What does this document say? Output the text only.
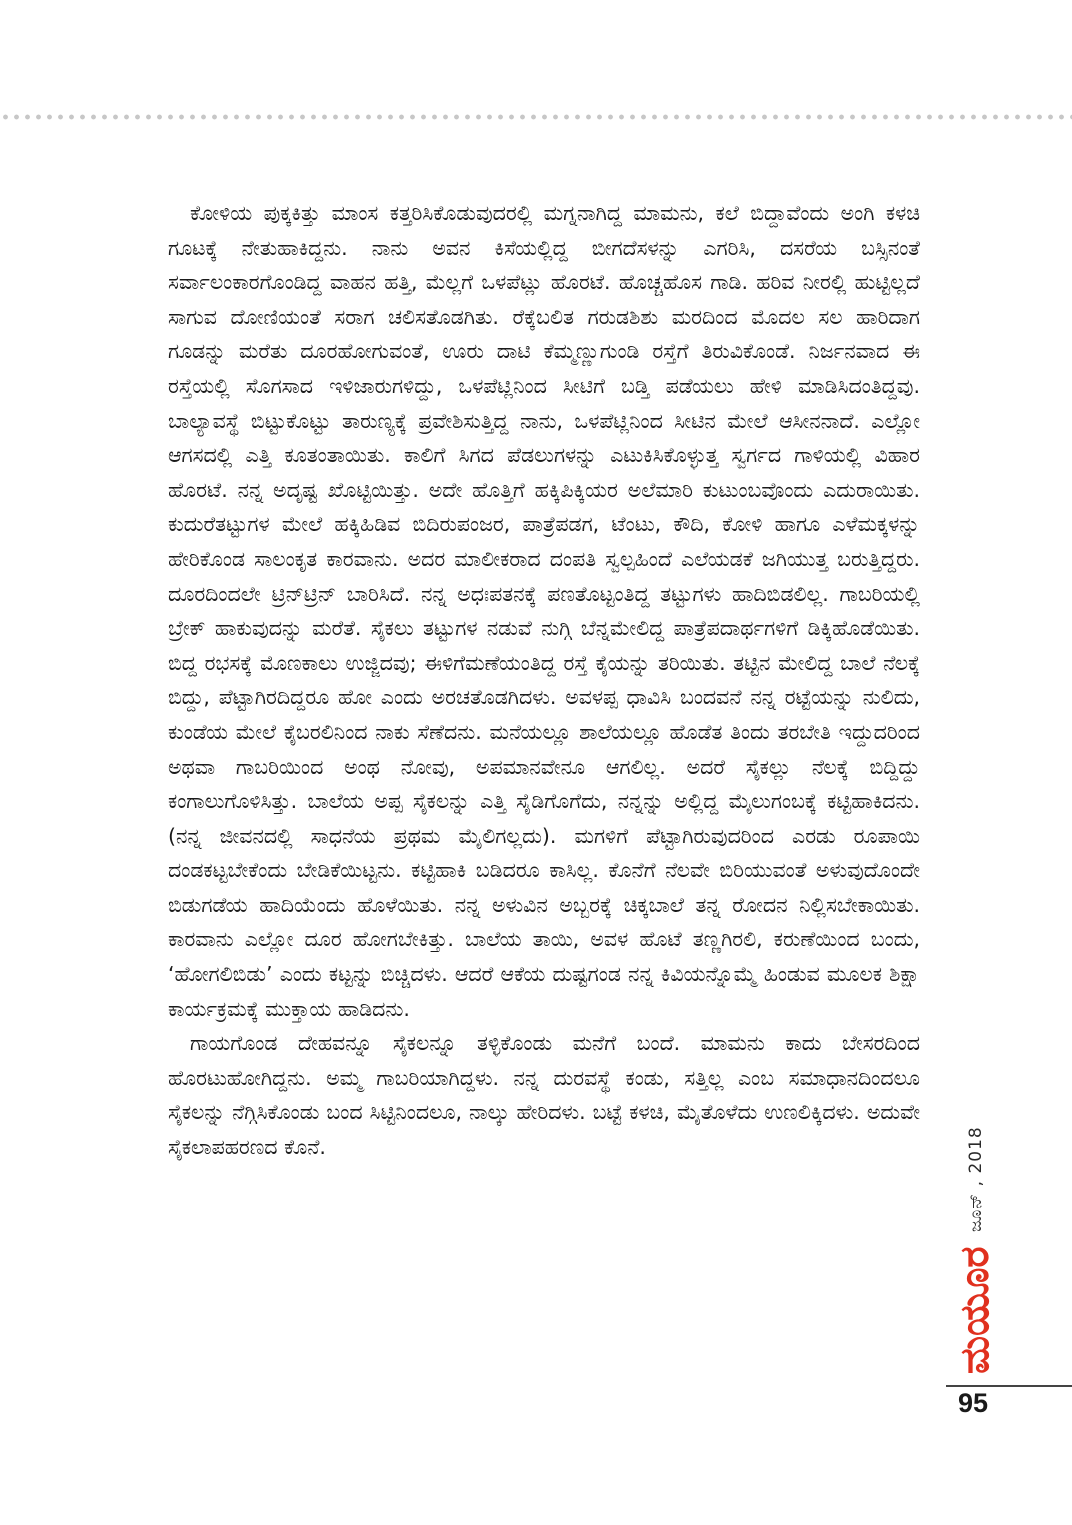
ಕೋಳಿಯ ಪುಕ್ಕಕಿತ್ತು ಮಾಂಸ ಕತ್ತರಿಸಿಕೊಡುವುದರಲ್ಲಿ ಮಗ್ನನಾಗಿದ್ದ ಮಾಮನು, ಕಲೆ ಬಿದ್ದಾವೆಂದು ಅಂಗಿ ಕಳಚಿ ಗೂಟಕ್ಕೆ ನೇತುಹಾಕಿದ್ದನು. ನಾನು ಅವನ ಕಿಸೆಯಲ್ಲಿದ್ದ ಬೀಗದೆಸಳನ್ನು ಎಗರಿಸಿ, ದಸರೆಯ ಬಸ್ಸಿನಂತೆ ಸರ್ವಾಲಂಕಾರಗೊಂಡಿದ್ದ ವಾಹನ ಹತ್ತಿ, ಮೆಲ್ಲಗೆ ಒಳಪೆಟ್ಲು ಹೊರಟೆ. ಹೊಚ್ಚಹೊಸ ಗಾಡಿ. ಹರಿವ ನೀರಲ್ಲಿ ಹುಟ್ಟಿಲ್ಲದೆ ಸಾಗುವ ದೋಣಿಯಂತೆ ಸರಾಗ ಚಲಿಸತೊಡಗಿತು. ರೆಕ್ಕೆಬಲಿತ ಗರುಡಶಿಶು ಮರದಿಂದ ಮೊದಲ ಸಲ ಹಾರಿದಾಗ ಗೂಡನ್ನು ಮರೆತು ದೂರಹೋಗುವಂತೆ, ಊರು ದಾಟಿ ಕೆಮ್ಮಣ್ಣುಗುಂಡಿ ರಸ್ತೆಗೆ ತಿರುವಿಕೊಂಡೆ. ನಿರ್ಜನವಾದ ಈ ರಸ್ತೆಯಲ್ಲಿ ಸೊಗಸಾದ ಇಳಿಜಾರುಗಳಿದ್ದು, ಒಳಪೆಟ್ಲಿನಿಂದ ಸೀಟಿಗೆ ಬಡ್ತಿ ಪಡೆಯಲು ಹೇಳಿ ಮಾಡಿಸಿದಂತಿದ್ದವು. ಬಾಲ್ಯಾವಸ್ಥೆ ಬಿಟ್ಟುಕೊಟ್ಟು ತಾರುಣ್ಯಕ್ಕೆ ಪ್ರವೇಶಿಸುತ್ತಿದ್ದ ನಾನು, ಒಳಪೆಟ್ಲಿನಿಂದ ಸೀಟಿನ ಮೇಲೆ ಆಸೀನನಾದೆ. ಎಲ್ಲೋ ಆಗಸದಲ್ಲಿ ಎತ್ತಿ ಕೂತಂತಾಯಿತು. ಕಾಲಿಗೆ ಸಿಗದ ಪೆಡಲುಗಳನ್ನು ಎಟುಕಿಸಿಕೊಳ್ಳುತ್ತ ಸ್ವರ್ಗದ ಗಾಳಿಯಲ್ಲಿ ವಿಹಾರ ಹೊರಟೆ. ನನ್ನ ಅದೃಷ್ಟ ಖೊಟ್ಟಿಯಿತ್ತು. ಅದೇ ಹೊತ್ತಿಗೆ ಹಕ್ಕಿಪಿಕ್ಕಿಯರ ಅಲೆಮಾರಿ ಕುಟುಂಬವೊಂದು ಎದುರಾಯಿತು. ಕುದುರೆತಟ್ಟುಗಳ ಮೇಲೆ ಹಕ್ಕಿಹಿಡಿವ ಬಿದಿರುಪಂಜರ, ಪಾತ್ರೆಪಡಗ, ಟೆಂಟು, ಕೌದಿ, ಕೋಳಿ ಹಾಗೂ ಎಳೆಮಕ್ಕಳನ್ನು ಹೇರಿಕೊಂಡ ಸಾಲಂಕೃತ ಕಾರವಾನು. ಅದರ ಮಾಲೀಕರಾದ ದಂಪತಿ ಸ್ವಲ್ಪಹಿಂದೆ ಎಲೆಯಡಕೆ ಜಗಿಯುತ್ತ ಬರುತ್ತಿದ್ದರು. ದೂರದಿಂದಲೇ ಟ್ರಿನ್‌ಟ್ರಿನ್ ಬಾರಿಸಿದೆ. ನನ್ನ ಅಧಃಪತನಕ್ಕೆ ಪಣತೊಟ್ಟಂತಿದ್ದ ತಟ್ಟುಗಳು ಹಾದಿಬಿಡಲಿಲ್ಲ. ಗಾಬರಿಯಲ್ಲಿ ಬ್ರೇಕ್ ಹಾಕುವುದನ್ನು ಮರೆತೆ. ಸೈಕಲು ತಟ್ಟುಗಳ ನಡುವೆ ನುಗ್ಗಿ ಬೆನ್ನಮೇಲಿದ್ದ ಪಾತ್ರೆಪದಾರ್ಥಗಳಿಗೆ ಡಿಕ್ಕಿಹೊಡೆಯಿತು. ಬಿದ್ದ ರಭಸಕ್ಕೆ ಮೊಣಕಾಲು ಉಜ್ಜಿದವು; ಈಳಿಗೆಮಣೆಯಂತಿದ್ದ ರಸ್ತೆ ಕೈಯನ್ನು ತರಿಯಿತು. ತಟ್ಟಿನ ಮೇಲಿದ್ದ ಬಾಲೆ ನೆಲಕ್ಕೆ ಬಿದ್ದು, ಪೆಟ್ಟಾಗಿರದಿದ್ದರೂ ಹೋ ಎಂದು ಅರಚತೊಡಗಿದಳು. ಅವಳಪ್ಪ ಧಾವಿಸಿ ಬಂದವನೆ ನನ್ನ ರಟ್ಟೆಯನ್ನು ನುಲಿದು, ಕುಂಡೆಯ ಮೇಲೆ ಕೈಬರಲಿನಿಂದ ನಾಕು ಸೆಣೆದನು. ಮನೆಯಲ್ಲೂ ಶಾಲೆಯಲ್ಲೂ ಹೊಡೆತ ತಿಂದು ತರಬೇತಿ ಇದ್ದುದರಿಂದ ಅಥವಾ ಗಾಬರಿಯಿಂದ ಅಂಥ ನೋವು, ಅಪಮಾನವೇನೂ ಆಗಲಿಲ್ಲ. ಅದರೆ ಸೈಕಲ್ಲು ನೆಲಕ್ಕೆ ಬಿದ್ದಿದ್ದು ಕಂಗಾಲುಗೊಳಿಸಿತ್ತು. ಬಾಲೆಯ ಅಪ್ಪ ಸೈಕಲನ್ನು ಎತ್ತಿ ಸೈಡಿಗೊಗೆದು, ನನ್ನನ್ನು ಅಲ್ಲಿದ್ದ ಮೈಲುಗಂಬಕ್ಕೆ ಕಟ್ಟಿಹಾಕಿದನು. (ನನ್ನ ಜೀವನದಲ್ಲಿ ಸಾಧನೆಯ ಪ್ರಥಮ ಮೈಲಿಗಲ್ಲದು). ಮಗಳಿಗೆ ಪೆಟ್ಟಾಗಿರುವುದರಿಂದ ಎರಡು ರೂಪಾಯಿ ದಂಡಕಟ್ಟಬೇಕೆಂದು ಬೇಡಿಕೆಯಿಟ್ಟನು. ಕಟ್ಟಿಹಾಕಿ ಬಡಿದರೂ ಕಾಸಿಲ್ಲ. ಕೊನೆಗೆ ನೆಲವೇ ಬಿರಿಯುವಂತೆ ಅಳುವುದೊಂದೇ ಬಿಡುಗಡೆಯ ಹಾದಿಯೆಂದು ಹೊಳೆಯಿತು. ನನ್ನ ಅಳುವಿನ ಅಬ್ಬರಕ್ಕೆ ಚಿಕ್ಕಬಾಲೆ ತನ್ನ ರೋದನ ನಿಲ್ಲಿಸಬೇಕಾಯಿತು. ಕಾರವಾನು ಎಲ್ಲೋ ದೂರ ಹೋಗಬೇಕಿತ್ತು. ಬಾಲೆಯ ತಾಯಿ, ಅವಳ ಹೊಟೆ ತಣ್ಣಗಿರಲಿ, ಕರುಣೆಯಿಂದ ಬಂದು, ‘ಹೋಗಲಿಬಿಡು’ ಎಂದು ಕಟ್ಟನ್ನು ಬಿಚ್ಚಿದಳು. ಆದರೆ ಆಕೆಯ ದುಷ್ಟಗಂಡ ನನ್ನ ಕಿವಿಯನ್ನೊಮ್ಮೆ ಹಿಂಡುವ ಮೂಲಕ ಶಿಕ್ಷಾ ಕಾರ್ಯಕ್ರಮಕ್ಕೆ ಮುಕ್ತಾಯ ಹಾಡಿದನು.

ಗಾಯಗೊಂಡ ದೇಹವನ್ನೂ ಸೈಕಲನ್ನೂ ತಳ್ಳಿಕೊಂಡು ಮನೆಗೆ ಬಂದೆ. ಮಾಮನು ಕಾದು ಬೇಸರದಿಂದ ಹೊರಟುಹೋಗಿದ್ದನು. ಅಮ್ಮ ಗಾಬರಿಯಾಗಿದ್ದಳು. ನನ್ನ ದುರವಸ್ಥೆ ಕಂಡು, ಸತ್ತಿಲ್ಲ ಎಂಬ ಸಮಾಧಾನದಿಂದಲೂ ಸೈಕಲನ್ನು ನೆಗ್ಗಿಸಿಕೊಂಡು ಬಂದ ಸಿಟ್ಟಿನಿಂದಲೂ, ನಾಲ್ಕು ಹೇರಿದಳು. ಬಟ್ಟೆ ಕಳಚಿ, ಮೈತೊಳೆದು ಉಣಲಿಕ್ಕಿದಳು. ಅದುವೇ ಸೈಕಲಾಪಹರಣದ ಕೊನೆ.	ಜೂನ್ , 2018
ಮಯೂರ
95
